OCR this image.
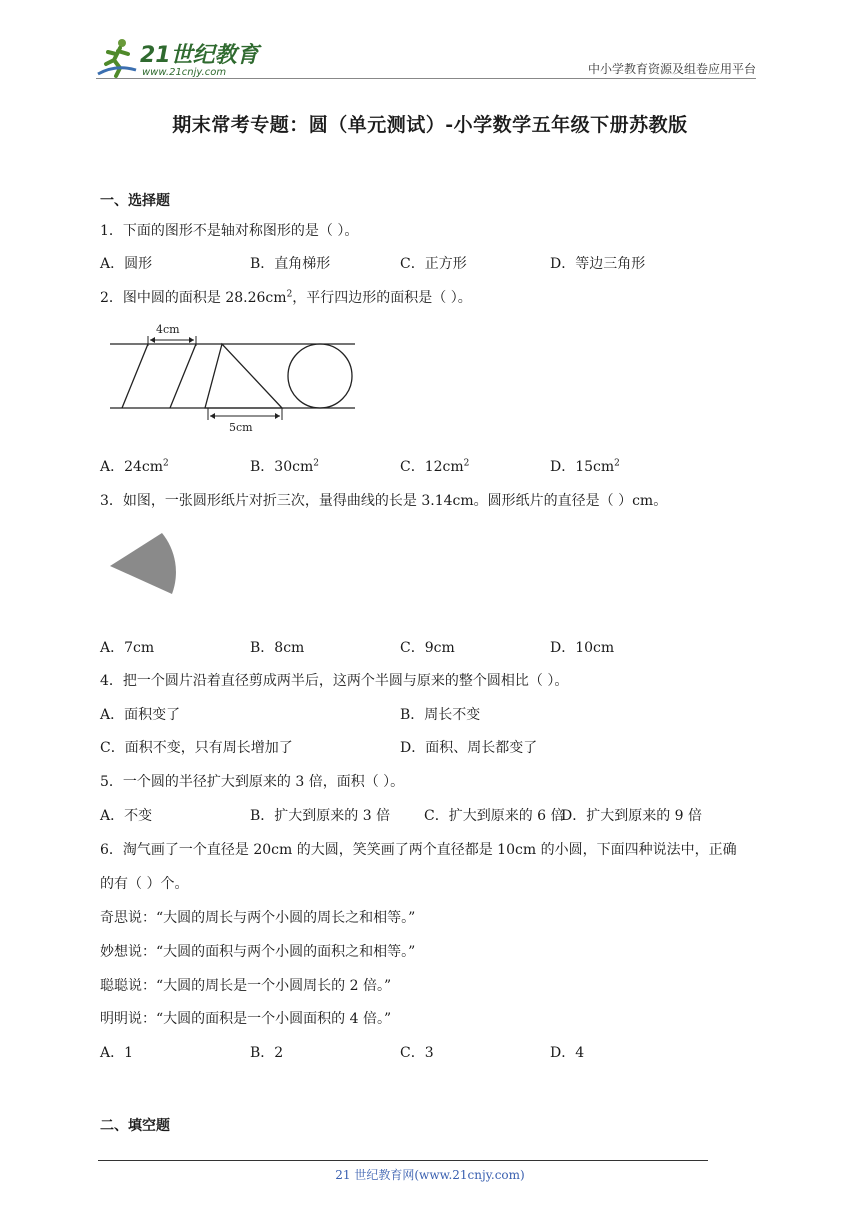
21世纪教育
www.21cnjy.com	中小学教育资源及组卷应用平台
期末常考专题：圆（单元测试）-小学数学五年级下册苏教版
一、选择题
1．下面的图形不是轴对称图形的是（ ）。
A．圆形	B．直角梯形	C．正方形	D．等边三角形
2．图中圆的面积是 $28.26cm^2$，平行四边形的面积是（ ）。
4cm
5cm
A．$24cm^2$	B．$30cm^2$	C．$12cm^2$	D．$15cm^2$
3．如图，一张圆形纸片对折三次，量得曲线的长是 3.14cm。圆形纸片的直径是（ ）cm。
A．7cm	B．8cm	C．9cm	D．10cm
4．把一个圆片沿着直径剪成两半后，这两个半圆与原来的整个圆相比（ ）。
A．面积变了	B．周长不变
C．面积不变，只有周长增加了	D．面积、周长都变了
5．一个圆的半径扩大到原来的 3 倍，面积（ ）。
A．不变	B．扩大到原来的 3 倍 C．扩大到原来的 6 倍
D．扩大到原来的 9 倍
6．淘气画了一个直径是 20cm 的大圆，笑笑画了两个直径都是 10cm 的小圆，下面四种说法中，正确
的有（ ）个。
奇思说：“大圆的周长与两个小圆的周长之和相等。”
妙想说：“大圆的面积与两个小圆的面积之和相等。”
聪聪说：“大圆的周长是一个小圆周长的 2 倍。”
明明说：“大圆的面积是一个小圆面积的 4 倍。”
A．1	B．2	C．3	D．4
二、填空题
21 世纪教育网(www.21cnjy.com)
